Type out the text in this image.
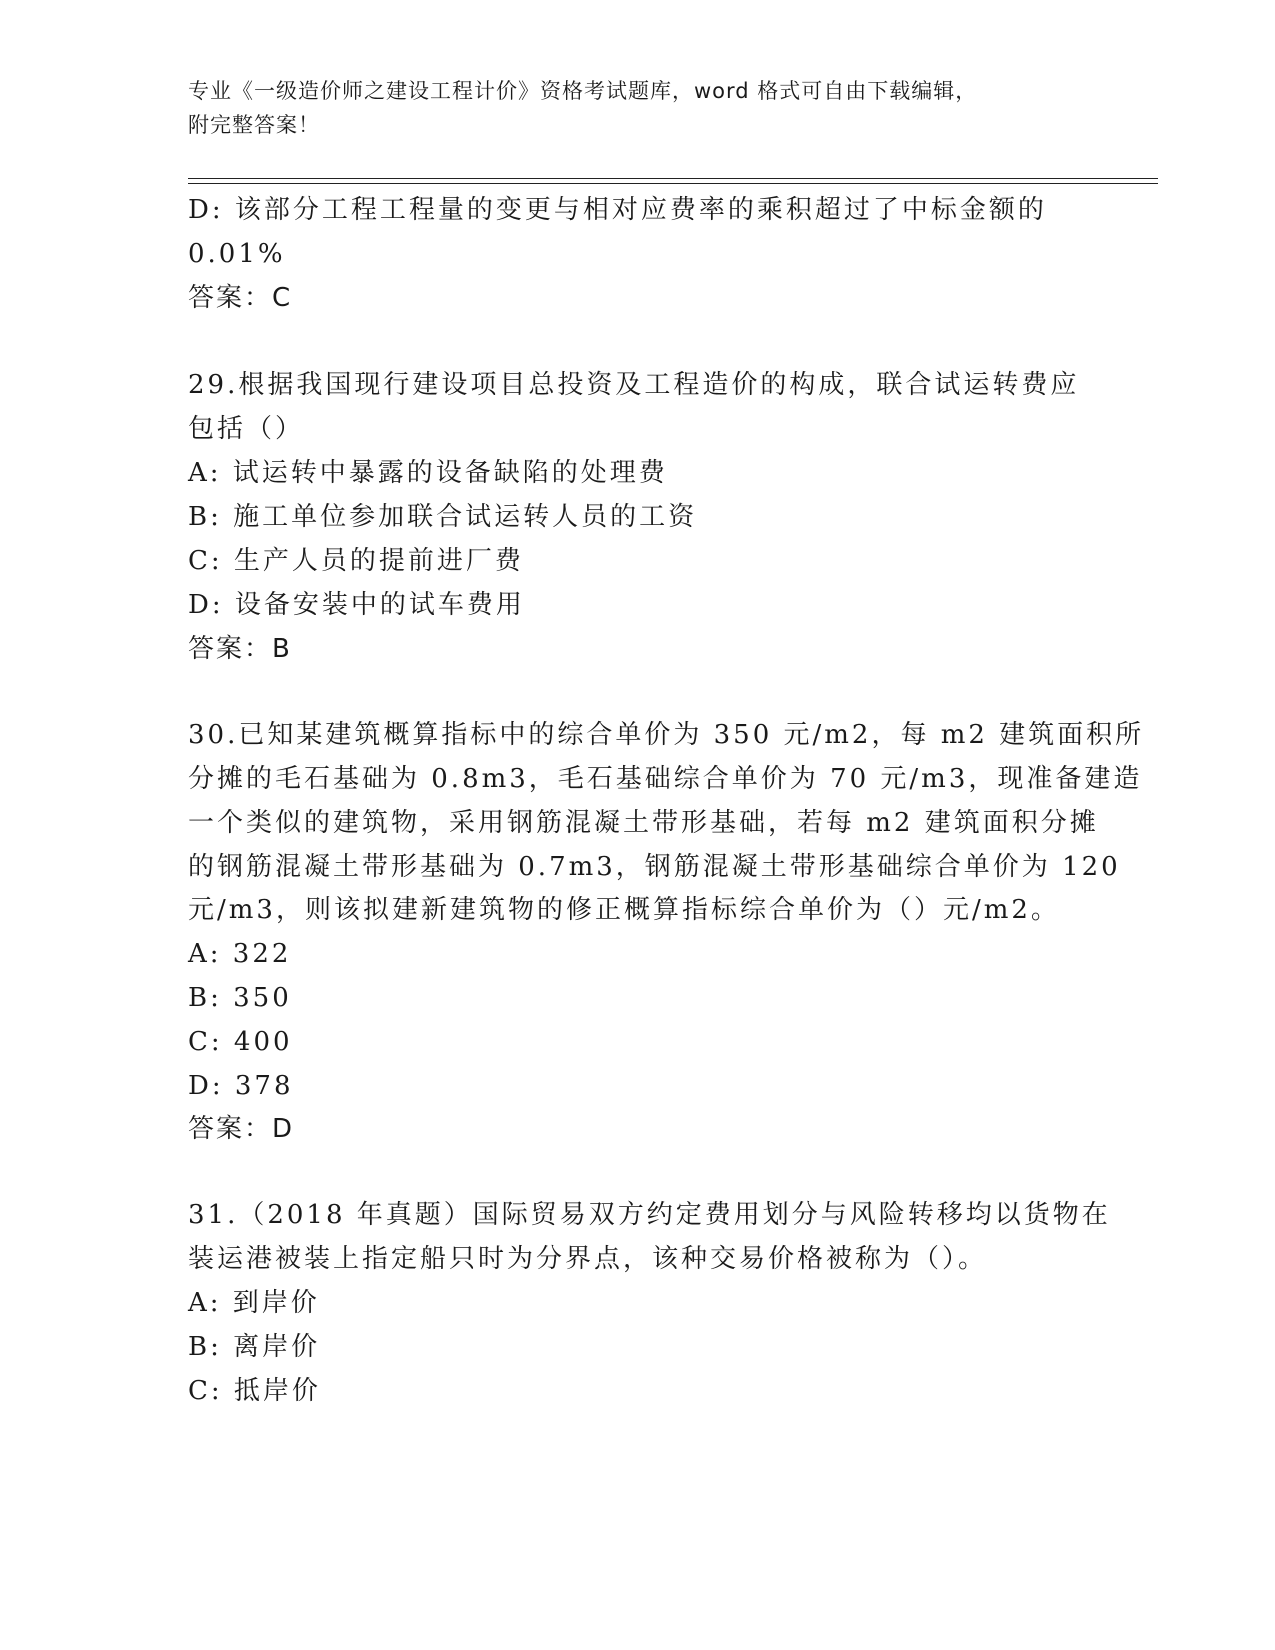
专业《一级造价师之建设工程计价》资格考试题库，word 格式可自由下载编辑，
附完整答案！
D: 该部分工程工程量的变更与相对应费率的乘积超过了中标金额的
0.01%
答案：C
29.根据我国现行建设项目总投资及工程造价的构成，联合试运转费应
包括（）
A: 试运转中暴露的设备缺陷的处理费
B: 施工单位参加联合试运转人员的工资
C: 生产人员的提前进厂费
D: 设备安装中的试车费用
答案：B
30.已知某建筑概算指标中的综合单价为 350 元/m2，每 m2 建筑面积所
分摊的毛石基础为 0.8m3，毛石基础综合单价为 70 元/m3，现准备建造
一个类似的建筑物，采用钢筋混凝土带形基础，若每 m2 建筑面积分摊
的钢筋混凝土带形基础为 0.7m3，钢筋混凝土带形基础综合单价为 120
元/m3，则该拟建新建筑物的修正概算指标综合单价为（）元/m2。
A: 322
B: 350
C: 400
D: 378
答案：D
31.（2018 年真题）国际贸易双方约定费用划分与风险转移均以货物在
装运港被装上指定船只时为分界点，该种交易价格被称为（）。
A: 到岸价
B: 离岸价
C: 抵岸价
